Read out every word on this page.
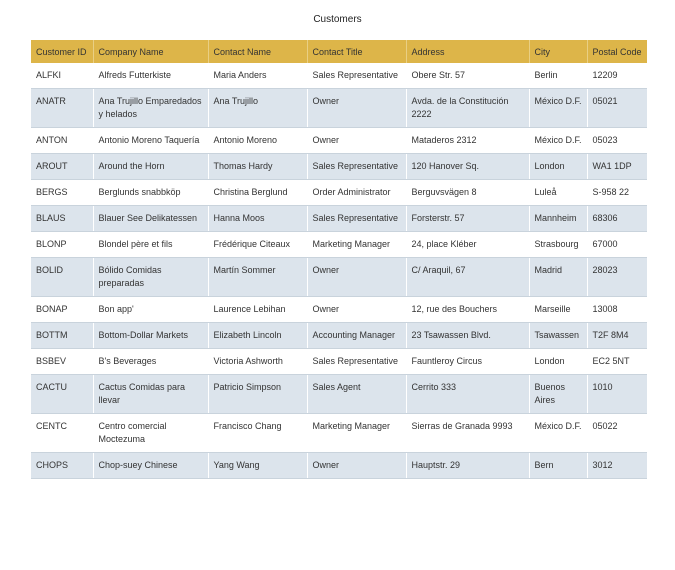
Customers
Customer ID	Company Name	Contact Name	Contact Title	Address	City	Postal Code
ALFKI	Alfreds Futterkiste	Maria Anders	Sales Representative	Obere Str. 57	Berlin	12209
ANATR	Ana Trujillo Emparedados y helados	Ana Trujillo	Owner	Avda. de la Constitución 2222	México D.F.	05021
ANTON	Antonio Moreno Taquería	Antonio Moreno	Owner	Mataderos 2312	México D.F.	05023
AROUT	Around the Horn	Thomas Hardy	Sales Representative	120 Hanover Sq.	London	WA1 1DP
BERGS	Berglunds snabbköp	Christina Berglund	Order Administrator	Berguvsvägen 8	Luleå	S-958 22
BLAUS	Blauer See Delikatessen	Hanna Moos	Sales Representative	Forsterstr. 57	Mannheim	68306
BLONP	Blondel père et fils	Frédérique Citeaux	Marketing Manager	24, place Kléber	Strasbourg	67000
BOLID	Bólido Comidas preparadas	Martín Sommer	Owner	C/ Araquil, 67	Madrid	28023
BONAP	Bon app'	Laurence Lebihan	Owner	12, rue des Bouchers	Marseille	13008
BOTTM	Bottom-Dollar Markets	Elizabeth Lincoln	Accounting Manager	23 Tsawassen Blvd.	Tsawassen	T2F 8M4
BSBEV	B's Beverages	Victoria Ashworth	Sales Representative	Fauntleroy Circus	London	EC2 5NT
CACTU	Cactus Comidas para llevar	Patricio Simpson	Sales Agent	Cerrito 333	Buenos Aires	1010
CENTC	Centro comercial Moctezuma	Francisco Chang	Marketing Manager	Sierras de Granada 9993	México D.F.	05022
CHOPS	Chop-suey Chinese	Yang Wang	Owner	Hauptstr. 29	Bern	3012
